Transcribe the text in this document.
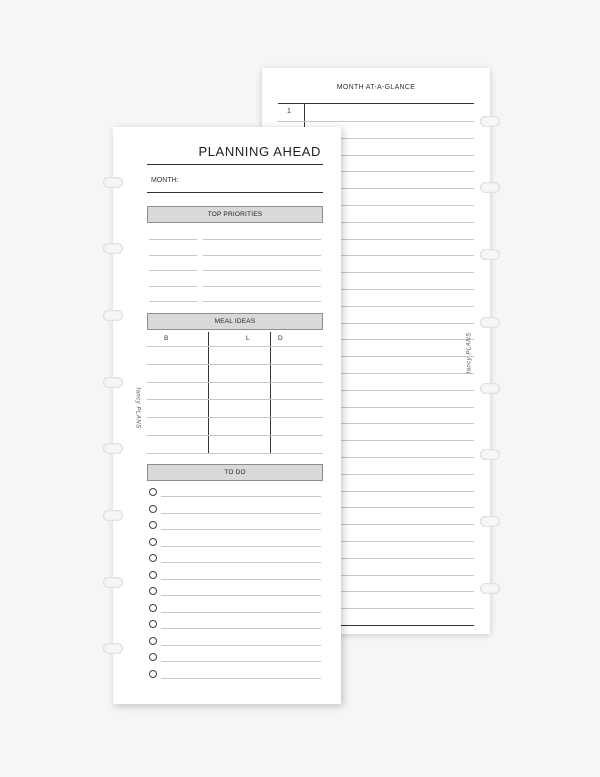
MONTH AT-A-GLANCE
1
fancy PLANS
PLANNING AHEAD
MONTH:
TOP PRIORITIES
MEAL IDEAS
B	L	D
TO DO
fancy PLANS
